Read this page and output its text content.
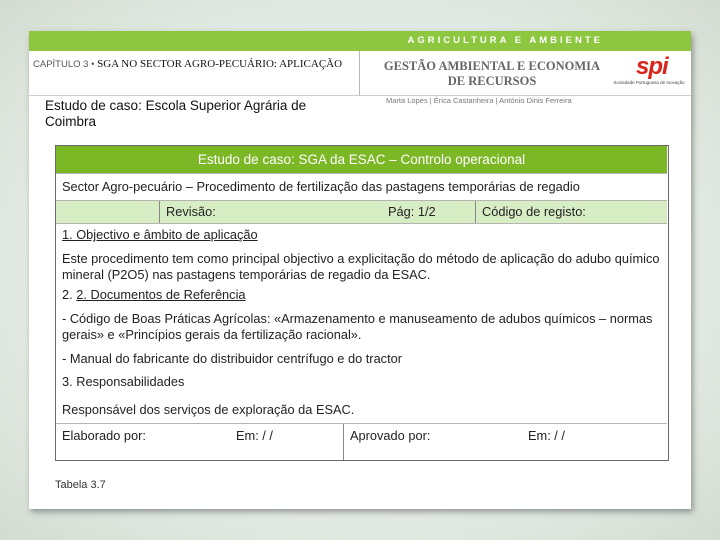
AGRICULTURA E AMBIENTE
CAPÍTULO 3 • SGA NO SECTOR AGRO-PECUÁRIO: APLICAÇÃO	GESTÃO AMBIENTAL E ECONOMIA DE RECURSOS
spi
Sociedade Portuguesa de Inovação
Marta Lopes | Érica Castanheira | António Dinis Ferreira
Estudo de caso: Escola Superior Agrária de Coimbra
Estudo de caso: SGA da ESAC – Controlo operacional
Sector Agro-pecuário – Procedimento de fertilização das pastagens temporárias de regadio
Revisão:	Pág: 1/2	Código de registo:
1. Objectivo e âmbito de aplicação
Este procedimento tem como principal objectivo a explicitação do método de aplicação do adubo químico mineral (P2O5) nas pastagens temporárias de regadio da ESAC.
2. 2. Documentos de Referência
- Código de Boas Práticas Agrícolas: «Armazenamento e manuseamento de adubos químicos – normas gerais» e «Princípios gerais da fertilização racional».
- Manual do fabricante do distribuidor centrífugo e do tractor
3. Responsabilidades
Responsável dos serviços de exploração da ESAC.
Elaborado por:	Em: / /	Aprovado por:	Em: / /
Tabela 3.7
